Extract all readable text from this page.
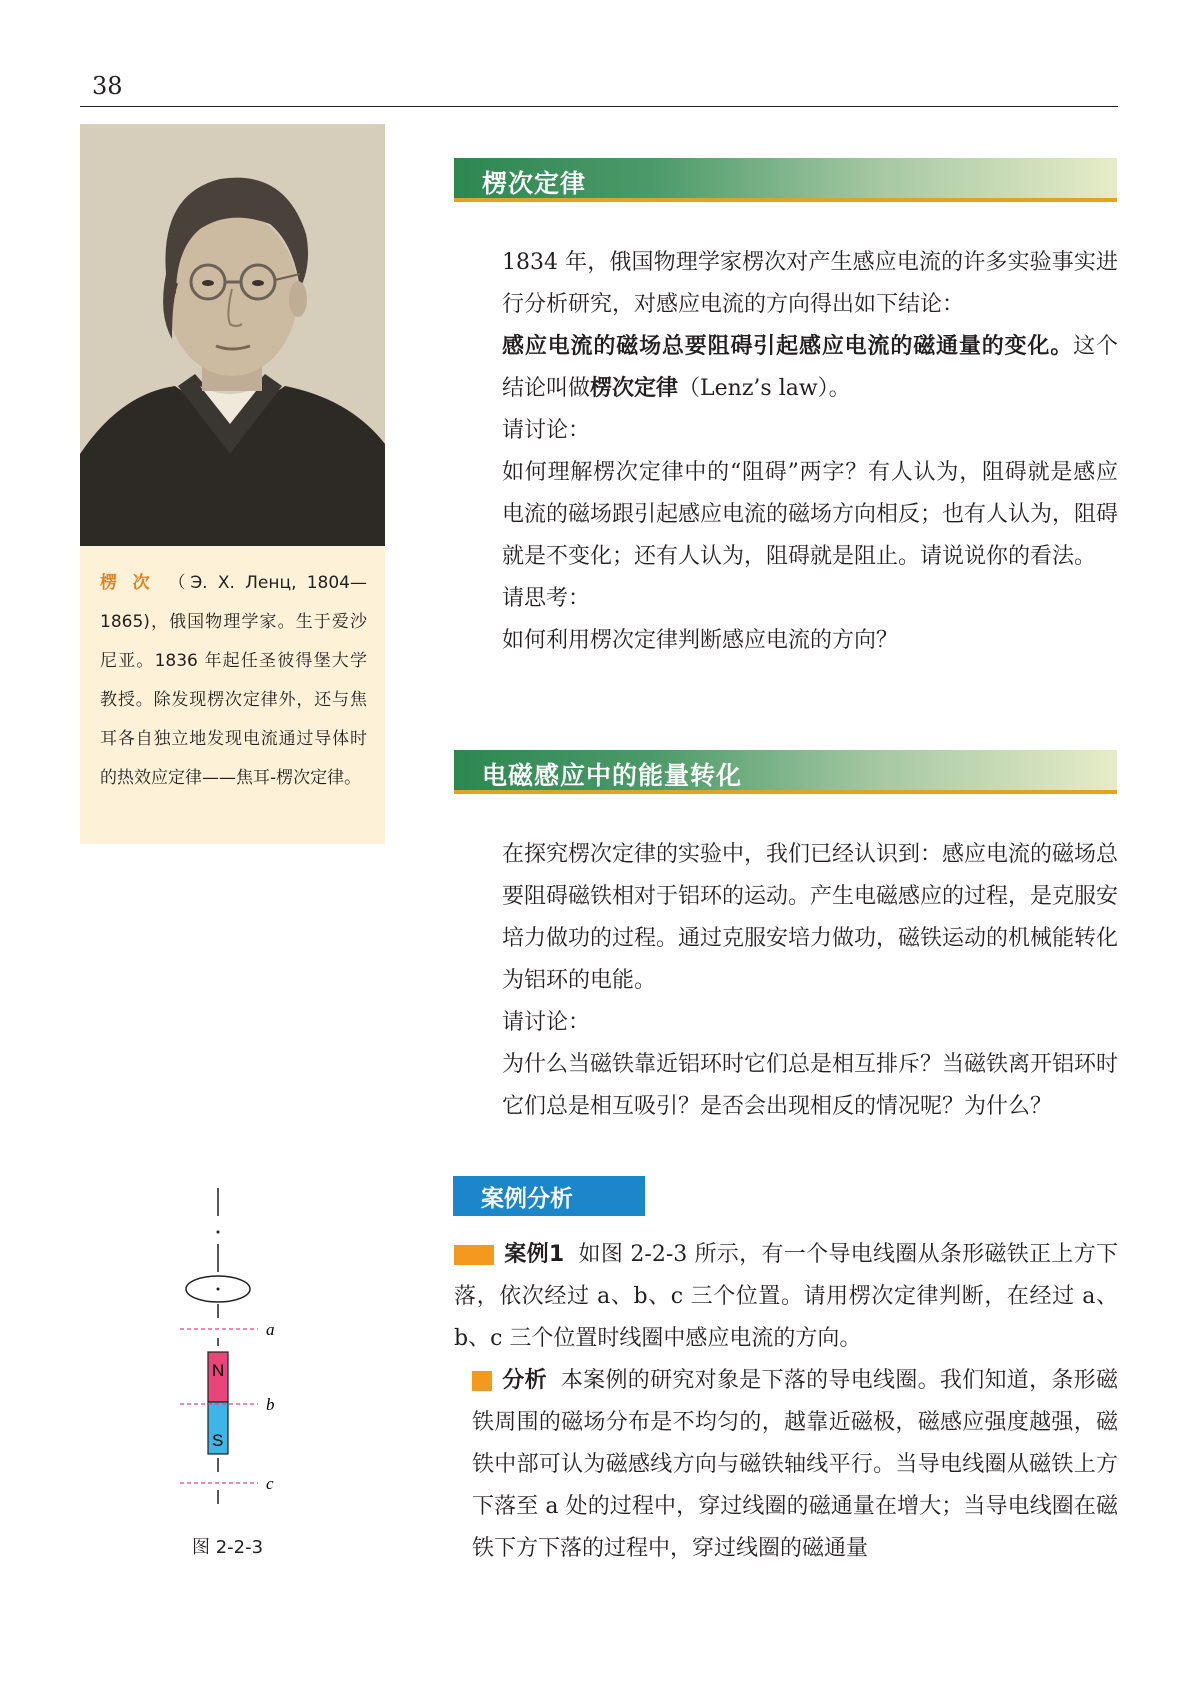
38
楞 次 （Э. Х. Ленц, 1804—1865)，俄国物理学家。生于爱沙尼亚。1836 年起任圣彼得堡大学教授。除发现楞次定律外，还与焦耳各自独立地发现电流通过导体时的热效应定律——焦耳-楞次定律。
楞次定律
1834 年，俄国物理学家楞次对产生感应电流的许多实验事实进行分析研究，对感应电流的方向得出如下结论：
感应电流的磁场总要阻碍引起感应电流的磁通量的变化。这个结论叫做楞次定律（Lenz’s law）。
请讨论：
如何理解楞次定律中的“阻碍”两字？有人认为，阻碍就是感应电流的磁场跟引起感应电流的磁场方向相反；也有人认为，阻碍就是不变化；还有人认为，阻碍就是阻止。请说说你的看法。
请思考：
如何利用楞次定律判断感应电流的方向？
电磁感应中的能量转化
在探究楞次定律的实验中，我们已经认识到：感应电流的磁场总要阻碍磁铁相对于铝环的运动。产生电磁感应的过程，是克服安培力做功的过程。通过克服安培力做功，磁铁运动的机械能转化为铝环的电能。
请讨论：
为什么当磁铁靠近铝环时它们总是相互排斥？当磁铁离开铝环时它们总是相互吸引？是否会出现相反的情况呢？为什么？
案例分析
案例1 如图 2-2-3 所示，有一个导电线圈从条形磁铁正上方下落，依次经过 a、b、c 三个位置。请用楞次定律判断，在经过 a、b、c 三个位置时线圈中感应电流的方向。
分析 本案例的研究对象是下落的导电线圈。我们知道，条形磁铁周围的磁场分布是不均匀的，越靠近磁极，磁感应强度越强，磁铁中部可认为磁感线方向与磁铁轴线平行。当导电线圈从磁铁上方下落至 a 处的过程中，穿过线圈的磁通量在增大；当导电线圈在磁铁下方下落的过程中，穿过线圈的磁通量
a
N
S
b
c
图 2-2-3
